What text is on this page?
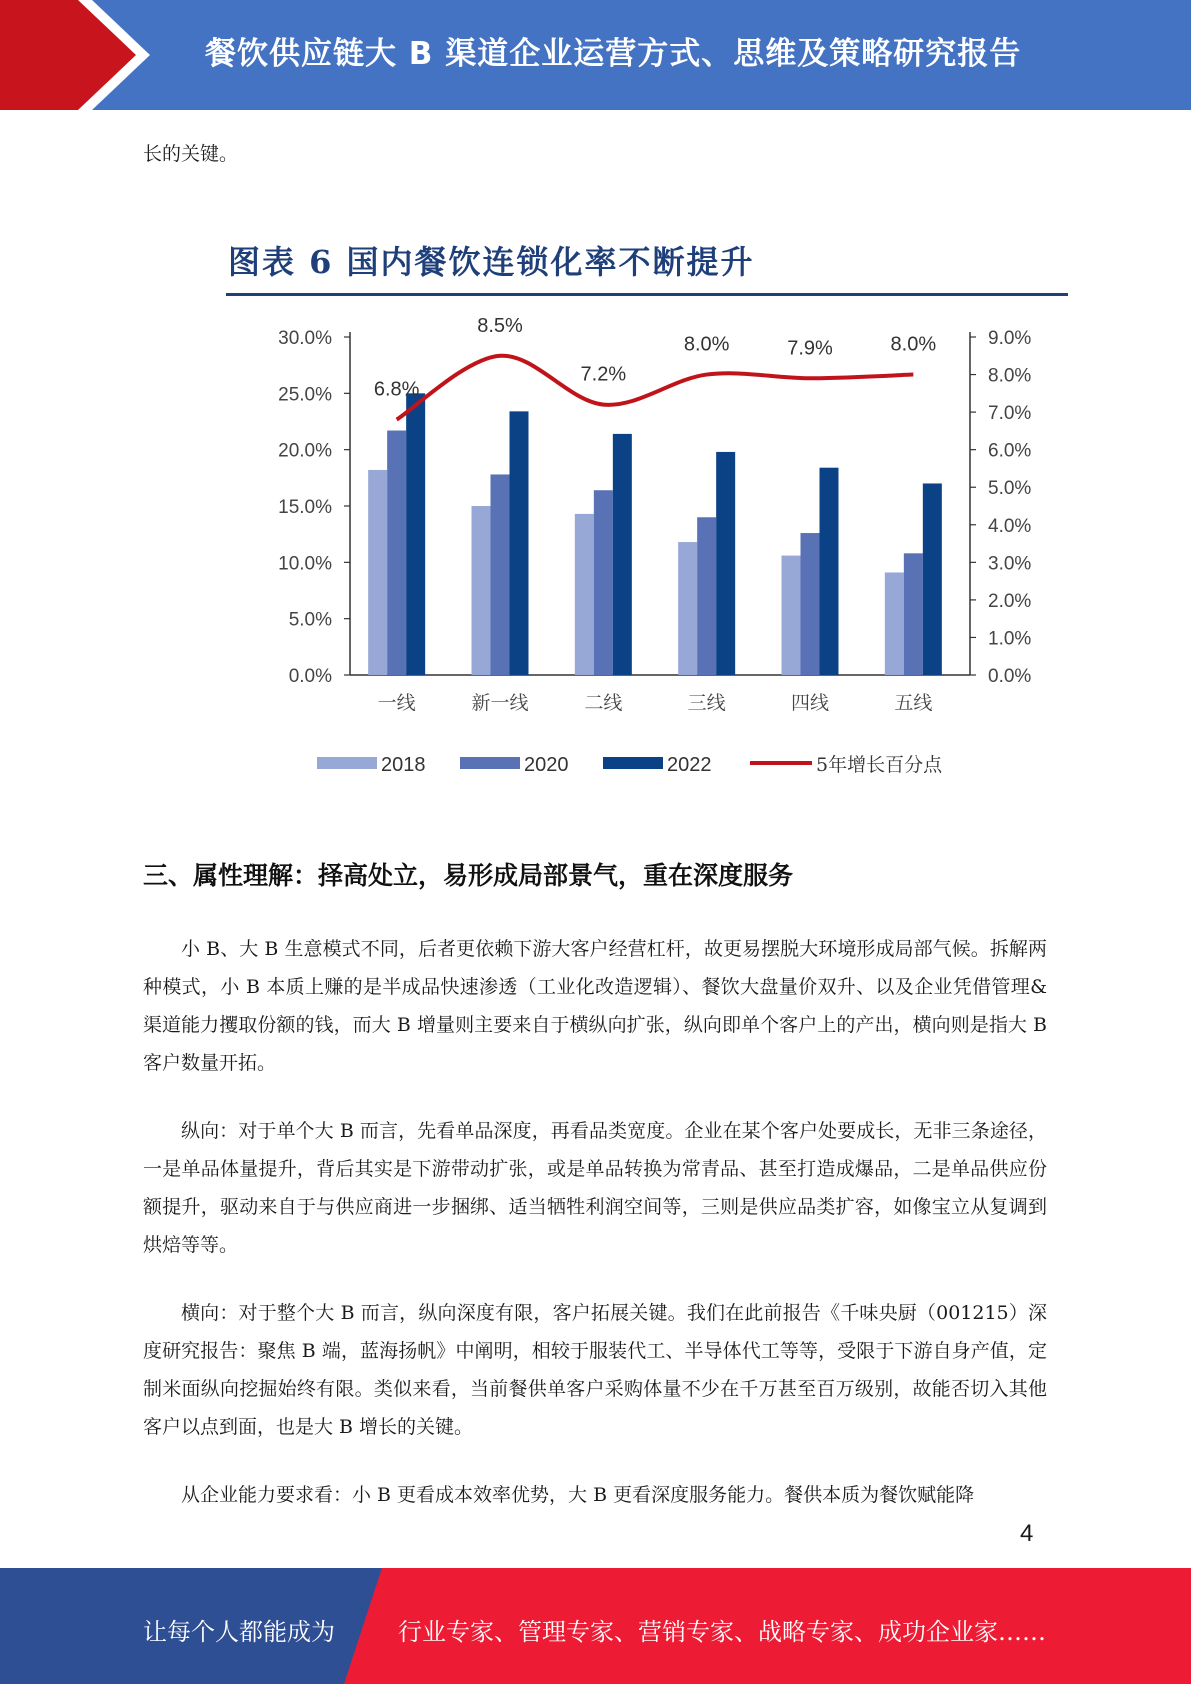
餐饮供应链大 B 渠道企业运营方式、思维及策略研究报告
长的关键。
图表 6 国内餐饮连锁化率不断提升
0.0%
5.0%
10.0%
15.0%
20.0%
25.0%
30.0%
0.0%
1.0%
2.0%
3.0%
4.0%
5.0%
6.0%
7.0%
8.0%
9.0%
一线	新一线	二线	三线	四线	五线
6.8%
8.5%
7.2%
8.0%	7.9%	8.0%
2018	2020	2022	5年增长百分点
三、属性理解：择高处立，易形成局部景气，重在深度服务

小 B、大 B 生意模式不同，后者更依赖下游大客户经营杠杆，故更易摆脱大环境形成局部气候。拆解两种模式，小 B 本质上赚的是半成品快速渗透（工业化改造逻辑）、餐饮大盘量价双升、以及企业凭借管理&渠道能力攫取份额的钱，而大 B 增量则主要来自于横纵向扩张，纵向即单个客户上的产出，横向则是指大 B 客户数量开拓。

纵向：对于单个大 B 而言，先看单品深度，再看品类宽度。企业在某个客户处要成长，无非三条途径，一是单品体量提升，背后其实是下游带动扩张，或是单品转换为常青品、甚至打造成爆品，二是单品供应份额提升，驱动来自于与供应商进一步捆绑、适当牺牲利润空间等，三则是供应品类扩容，如像宝立从复调到烘焙等等。

横向：对于整个大 B 而言，纵向深度有限，客户拓展关键。我们在此前报告《千味央厨（001215）深度研究报告：聚焦 B 端，蓝海扬帆》中阐明，相较于服装代工、半导体代工等等，受限于下游自身产值，定制米面纵向挖掘始终有限。类似来看，当前餐供单客户采购体量不少在千万甚至百万级别，故能否切入其他客户以点到面，也是大 B 增长的关键。

从企业能力要求看：小 B 更看成本效率优势，大 B 更看深度服务能力。餐供本质为餐饮赋能降

4
让每个人都能成为	行业专家、管理专家、营销专家、战略专家、成功企业家……
